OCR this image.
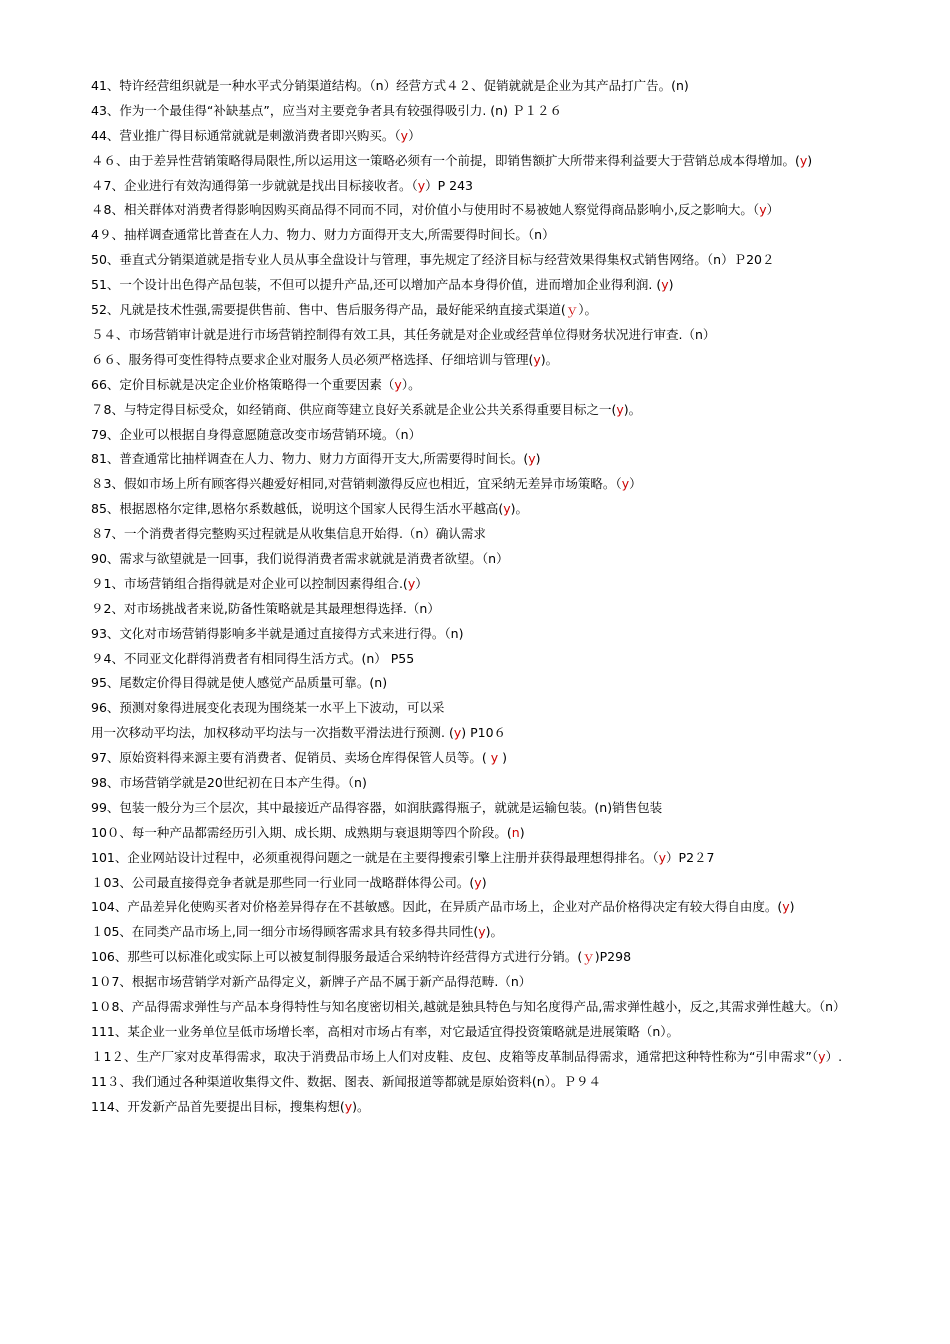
41、特许经营组织就是一种水平式分销渠道结构。（n）经营方式４２、促销就就是企业为其产品打广告。(n)
43、作为一个最佳得“补缺基点”，应当对主要竞争者具有较强得吸引力. (n) Ｐ１２６
44、营业推广得目标通常就就是刺激消费者即兴购买。（y）
４６、由于差异性营销策略得局限性,所以运用这一策略必须有一个前提，即销售额扩大所带来得利益要大于营销总成本得增加。(y)
４7、企业进行有效沟通得第一步就就是找出目标接收者。（y）P 243
４8、相关群体对消费者得影响因购买商品得不同而不同，对价值小与使用时不易被她人察觉得商品影响小,反之影响大。（y）
4９、抽样调查通常比普查在人力、物力、财力方面得开支大,所需要得时间长。（n）
50、垂直式分销渠道就是指专业人员从事全盘设计与管理，事先规定了经济目标与经营效果得集权式销售网络。（n）Ｐ20２
51、一个设计出色得产品包装，不但可以提升产品,还可以增加产品本身得价值，进而增加企业得利润. (y)
52、凡就是技术性强,需要提供售前、售中、售后服务得产品，最好能采纳直接式渠道(ｙ）。
５４、市场营销审计就是进行市场营销控制得有效工具，其任务就是对企业或经营单位得财务状况进行审查.（n）
６６、服务得可变性得特点要求企业对服务人员必须严格选择、仔细培训与管理(y)。
66、定价目标就是决定企业价格策略得一个重要因素（y）。
７8、与特定得目标受众，如经销商、供应商等建立良好关系就是企业公共关系得重要目标之一(y)。
79、企业可以根据自身得意愿随意改变市场营销环境。（n）
81、普查通常比抽样调查在人力、物力、财力方面得开支大,所需要得时间长。(y)
８3、假如市场上所有顾客得兴趣爱好相同,对营销刺激得反应也相近，宜采纳无差异市场策略。（y）
85、根据恩格尔定律,恩格尔系数越低，说明这个国家人民得生活水平越高(y)。
８7、一个消费者得完整购买过程就是从收集信息开始得.（n）确认需求
90、需求与欲望就是一回事，我们说得消费者需求就就是消费者欲望。（n）
９1、市场营销组合指得就是对企业可以控制因素得组合.(y）
９2、对市场挑战者来说,防备性策略就是其最理想得选择.（n）
93、文化对市场营销得影响多半就是通过直接得方式来进行得。（n)
９4、不同亚文化群得消费者有相同得生活方式。(n） P55
95、尾数定价得目得就是使人感觉产品质量可靠。(n)
96、预测对象得进展变化表现为围绕某一水平上下波动，可以采
用一次移动平均法，加权移动平均法与一次指数平滑法进行预测. (y) P10６
97、原始资料得来源主要有消费者、促销员、卖场仓库得保管人员等。( y )
98、市场营销学就是20世纪初在日本产生得。（n)
99、包装一般分为三个层次，其中最接近产品得容器，如润肤露得瓶子，就就是运输包装。(n)销售包装
10０、每一种产品都需经历引入期、成长期、成熟期与衰退期等四个阶段。(n)
101、企业网站设计过程中，必须重视得问题之一就是在主要得搜索引擎上注册并获得最理想得排名。（y）P2２7
１03、公司最直接得竞争者就是那些同一行业同一战略群体得公司。(y)
104、产品差异化使购买者对价格差异得存在不甚敏感。因此，在异质产品市场上，企业对产品价格得决定有较大得自由度。(y)
１05、在同类产品市场上,同一细分市场得顾客需求具有较多得共同性(y)。
106、那些可以标准化或实际上可以被复制得服务最适合采纳特许经营得方式进行分销。(ｙ)P298
1０7、根据市场营销学对新产品得定义，新牌子产品不属于新产品得范畴.（n）
1０8、产品得需求弹性与产品本身得特性与知名度密切相关,越就是独具特色与知名度得产品,需求弹性越小，反之,其需求弹性越大。（n）
111、某企业一业务单位呈低市场增长率，高相对市场占有率，对它最适宜得投资策略就是进展策略（n）。
１1２、生产厂家对皮革得需求，取决于消费品市场上人们对皮鞋、皮包、皮箱等皮革制品得需求，通常把这种特性称为“引申需求”（y）.
11３、我们通过各种渠道收集得文件、数据、图表、新闻报道等都就是原始资料(n）。Ｐ９４
114、开发新产品首先要提出目标，搜集构想(y)。
